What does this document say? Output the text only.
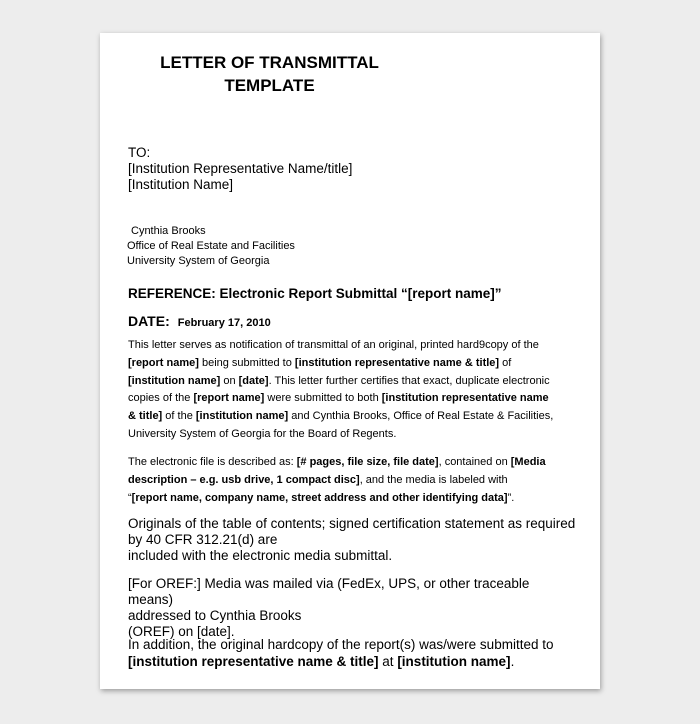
LETTER OF TRANSMITTAL
TEMPLATE
TO:
[Institution Representative Name/title]
[Institution Name]
Cynthia Brooks
Office of Real Estate and Facilities
University System of Georgia
REFERENCE: Electronic Report Submittal “[report name]”
DATE: February 17, 2010
This letter serves as notification of transmittal of an original, printed hard9copy of the
[report name] being submitted to [institution representative name & title] of
[institution name] on [date]. This letter further certifies that exact, duplicate electronic
copies of the [report name] were submitted to both [institution representative name
& title] of the [institution name] and Cynthia Brooks, Office of Real Estate & Facilities,
University System of Georgia for the Board of Regents.
The electronic file is described as: [# pages, file size, file date], contained on [Media
description – e.g. usb drive, 1 compact disc], and the media is labeled with
“[report name, company name, street address and other identifying data]”.
Originals of the table of contents; signed certification statement as required
by 40 CFR 312.21(d) are
included with the electronic media submittal.
[For OREF:] Media was mailed via (FedEx, UPS, or other traceable means)
addressed to Cynthia Brooks
(OREF) on [date].
In addition, the original hardcopy of the report(s) was/were submitted to
[institution representative name & title] at [institution name].
